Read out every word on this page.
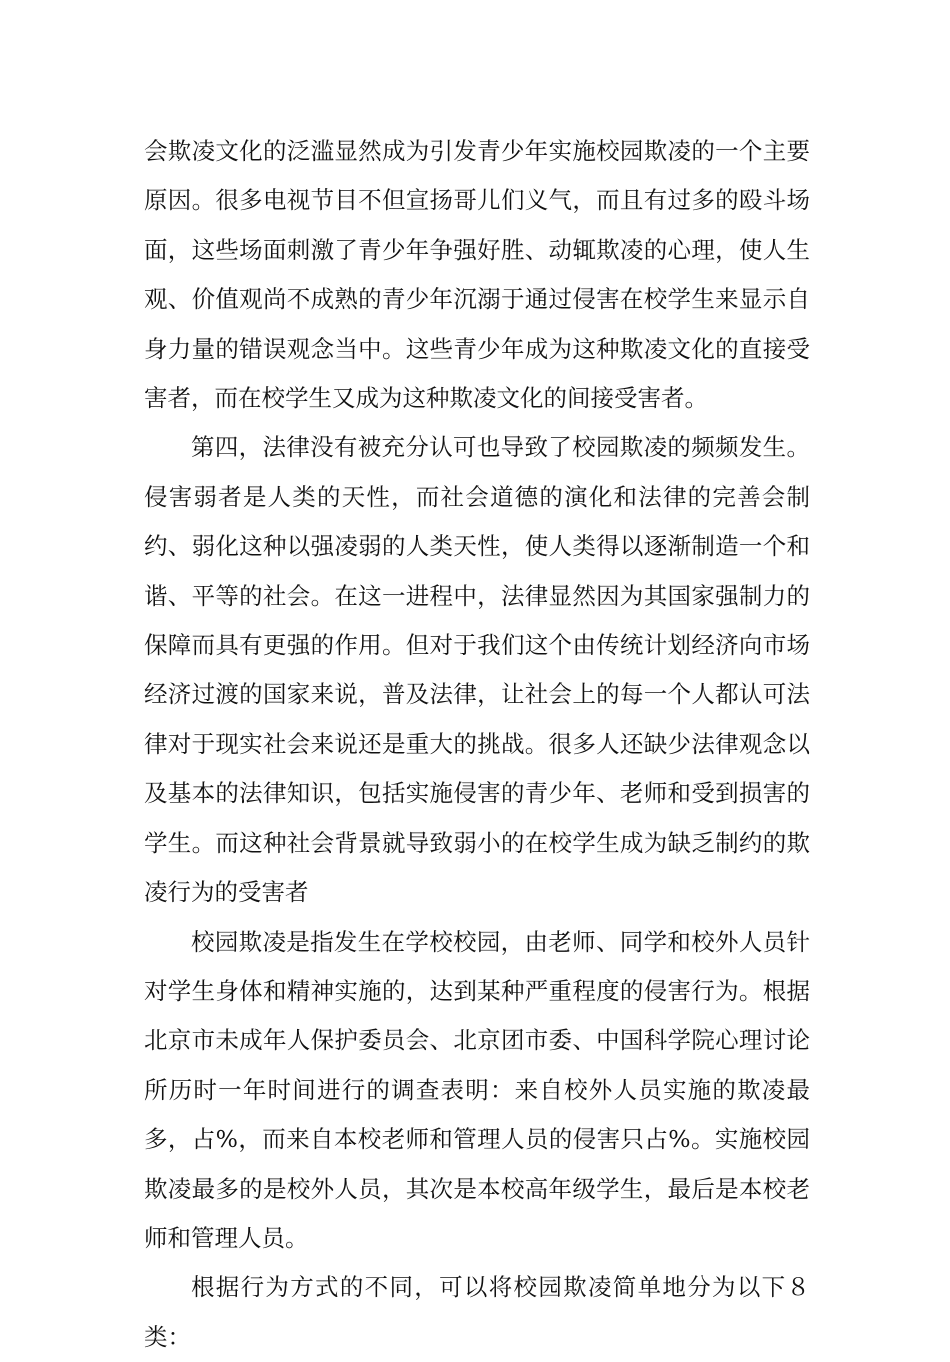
会欺凌文化的泛滥显然成为引发青少年实施校园欺凌的一个主要原因。很多电视节目不但宣扬哥儿们义气，而且有过多的殴斗场面，这些场面刺激了青少年争强好胜、动辄欺凌的心理，使人生观、价值观尚不成熟的青少年沉溺于通过侵害在校学生来显示自身力量的错误观念当中。这些青少年成为这种欺凌文化的直接受害者，而在校学生又成为这种欺凌文化的间接受害者。

第四，法律没有被充分认可也导致了校园欺凌的频频发生。侵害弱者是人类的天性，而社会道德的演化和法律的完善会制约、弱化这种以强凌弱的人类天性，使人类得以逐渐制造一个和谐、平等的社会。在这一进程中，法律显然因为其国家强制力的保障而具有更强的作用。但对于我们这个由传统计划经济向市场经济过渡的国家来说，普及法律，让社会上的每一个人都认可法律对于现实社会来说还是重大的挑战。很多人还缺少法律观念以及基本的法律知识，包括实施侵害的青少年、老师和受到损害的学生。而这种社会背景就导致弱小的在校学生成为缺乏制约的欺凌行为的受害者

校园欺凌是指发生在学校校园，由老师、同学和校外人员针对学生身体和精神实施的，达到某种严重程度的侵害行为。根据北京市未成年人保护委员会、北京团市委、中国科学院心理讨论所历时一年时间进行的调查表明：来自校外人员实施的欺凌最多，占%，而来自本校老师和管理人员的侵害只占%。实施校园欺凌最多的是校外人员，其次是本校高年级学生，最后是本校老师和管理人员。

根据行为方式的不同，可以将校园欺凌简单地分为以下８类：
